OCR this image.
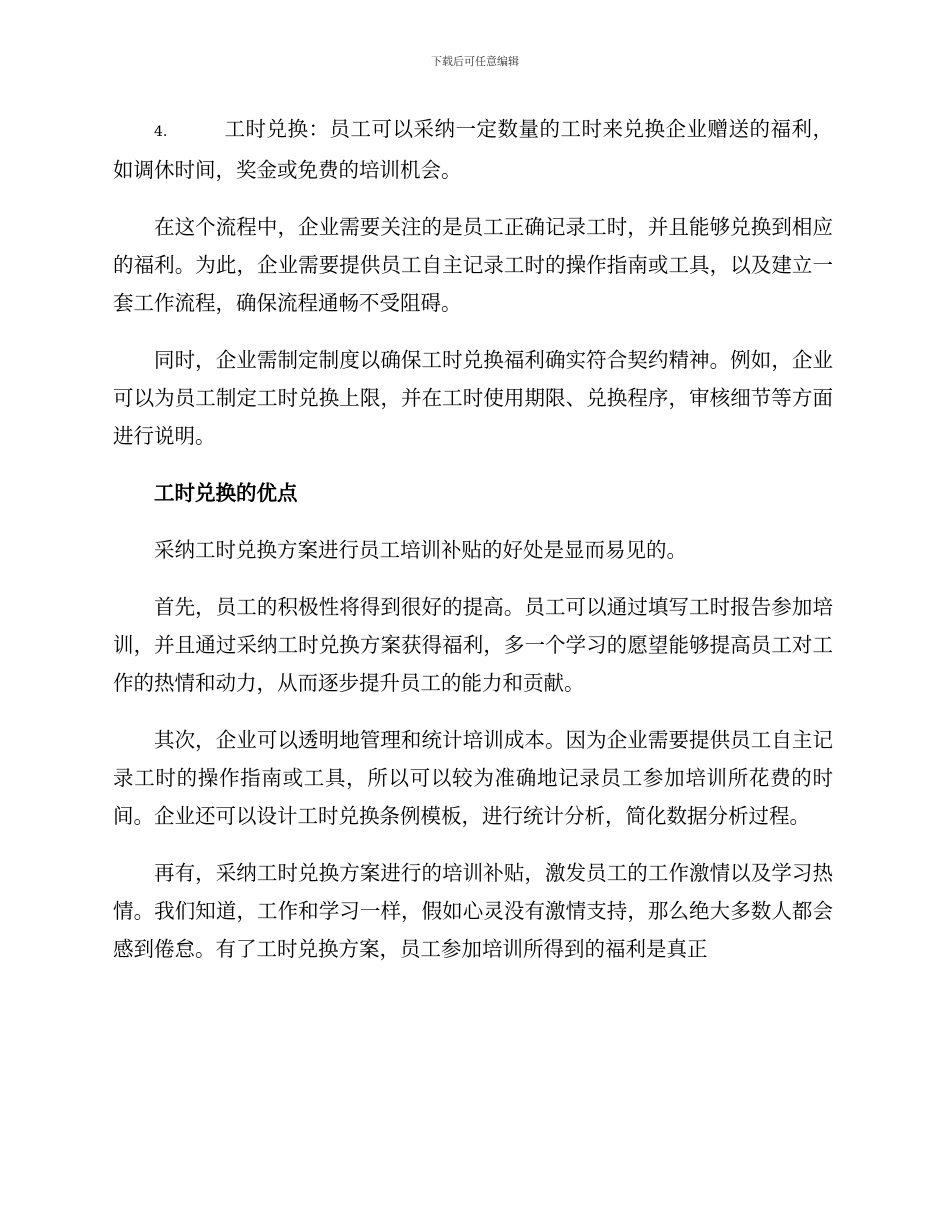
下载后可任意编辑

4.	工时兑换：员工可以采纳一定数量的工时来兑换企业赠送的福利，如调休时间，奖金或免费的培训机会。

在这个流程中，企业需要关注的是员工正确记录工时，并且能够兑换到相应的福利。为此，企业需要提供员工自主记录工时的操作指南或工具，以及建立一套工作流程，确保流程通畅不受阻碍。

同时，企业需制定制度以确保工时兑换福利确实符合契约精神。例如，企业可以为员工制定工时兑换上限，并在工时使用期限、兑换程序，审核细节等方面进行说明。

工时兑换的优点

采纳工时兑换方案进行员工培训补贴的好处是显而易见的。

首先，员工的积极性将得到很好的提高。员工可以通过填写工时报告参加培训，并且通过采纳工时兑换方案获得福利，多一个学习的愿望能够提高员工对工作的热情和动力，从而逐步提升员工的能力和贡献。

其次，企业可以透明地管理和统计培训成本。因为企业需要提供员工自主记录工时的操作指南或工具，所以可以较为准确地记录员工参加培训所花费的时间。企业还可以设计工时兑换条例模板，进行统计分析，简化数据分析过程。

再有，采纳工时兑换方案进行的培训补贴，激发员工的工作激情以及学习热情。我们知道，工作和学习一样，假如心灵没有激情支持，那么绝大多数人都会感到倦怠。有了工时兑换方案，员工参加培训所得到的福利是真正
